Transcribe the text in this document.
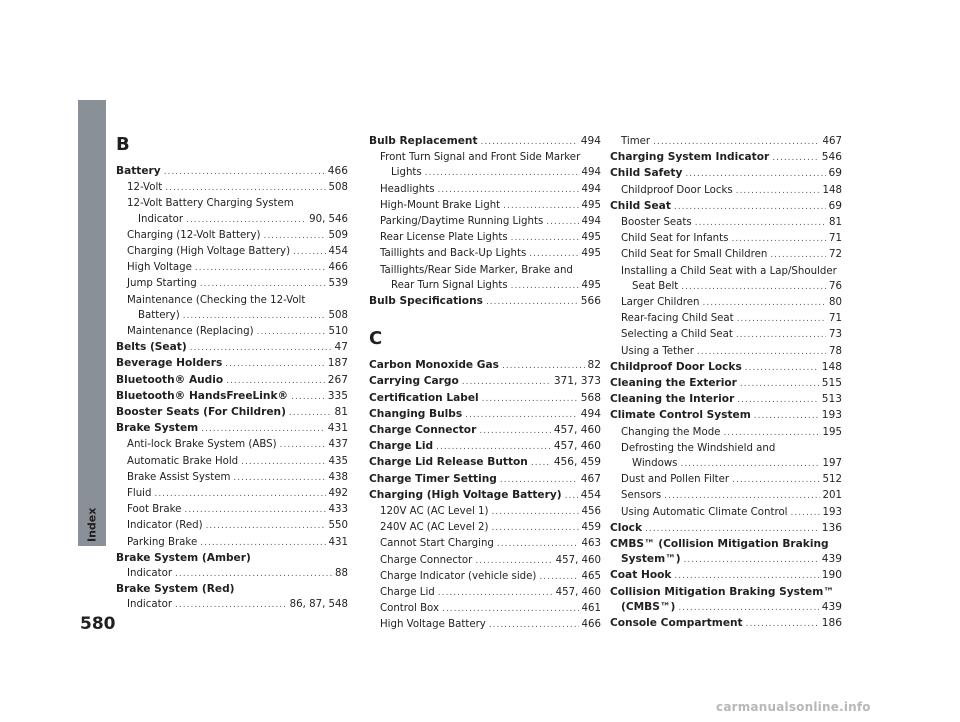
Index
580
B
Battery .....	466
12-Volt .....	508
12-Volt Battery Charging System
Indicator .....	90, 546
Charging (12-Volt Battery) .....	509
Charging (High Voltage Battery) .....	454
High Voltage .....	466
Jump Starting .....	539
Maintenance (Checking the 12-Volt
Battery) .....	508
Maintenance (Replacing) .....	510
Belts (Seat) .....	47
Beverage Holders .....	187
Bluetooth® Audio .....	267
Bluetooth® HandsFreeLink® .....	335
Booster Seats (For Children) .....	81
Brake System .....	431
Anti-lock Brake System (ABS) .....	437
Automatic Brake Hold .....	435
Brake Assist System .....	438
Fluid .....	492
Foot Brake .....	433
Indicator (Red) .....	550
Parking Brake .....	431
Brake System (Amber)
Indicator .....	88
Brake System (Red)
Indicator .....	86, 87, 548
Bulb Replacement .....	494
Front Turn Signal and Front Side Marker
Lights .....	494
Headlights .....	494
High-Mount Brake Light .....	495
Parking/Daytime Running Lights .....	494
Rear License Plate Lights .....	495
Taillights and Back-Up Lights .....	495
Taillights/Rear Side Marker, Brake and
Rear Turn Signal Lights .....	495
Bulb Specifications .....	566
C
Carbon Monoxide Gas .....	82
Carrying Cargo .....	371, 373
Certification Label .....	568
Changing Bulbs .....	494
Charge Connector .....	457, 460
Charge Lid .....	457, 460
Charge Lid Release Button ..... 456, 459
Charge Timer Setting .....	467
Charging (High Voltage Battery) ..... 454
120V AC (AC Level 1) .....	456
240V AC (AC Level 2) .....	459
Cannot Start Charging .....	463
Charge Connector .....	457, 460
Charge Indicator (vehicle side) .....	465
Charge Lid .....	457, 460
Control Box .....	461
High Voltage Battery .....	466
Timer .....	467
Charging System Indicator .....	546
Child Safety .....	69
Childproof Door Locks .....	148
Child Seat .....	69
Booster Seats .....	81
Child Seat for Infants .....	71
Child Seat for Small Children .....	72
Installing a Child Seat with a Lap/Shoulder
Seat Belt .....	76
Larger Children .....	80
Rear-facing Child Seat .....	71
Selecting a Child Seat .....	73
Using a Tether .....	78
Childproof Door Locks .....	148
Cleaning the Exterior .....	515
Cleaning the Interior .....	513
Climate Control System .....	193
Changing the Mode .....	195
Defrosting the Windshield and
Windows .....	197
Dust and Pollen Filter .....	512
Sensors .....	201
Using Automatic Climate Control .....	193
Clock .....	136
CMBS™ (Collision Mitigation Braking
System™) .....	439
Coat Hook .....	190
Collision Mitigation Braking System™
(CMBS™) .....	439
Console Compartment .....	186
carmanualsonline.info
